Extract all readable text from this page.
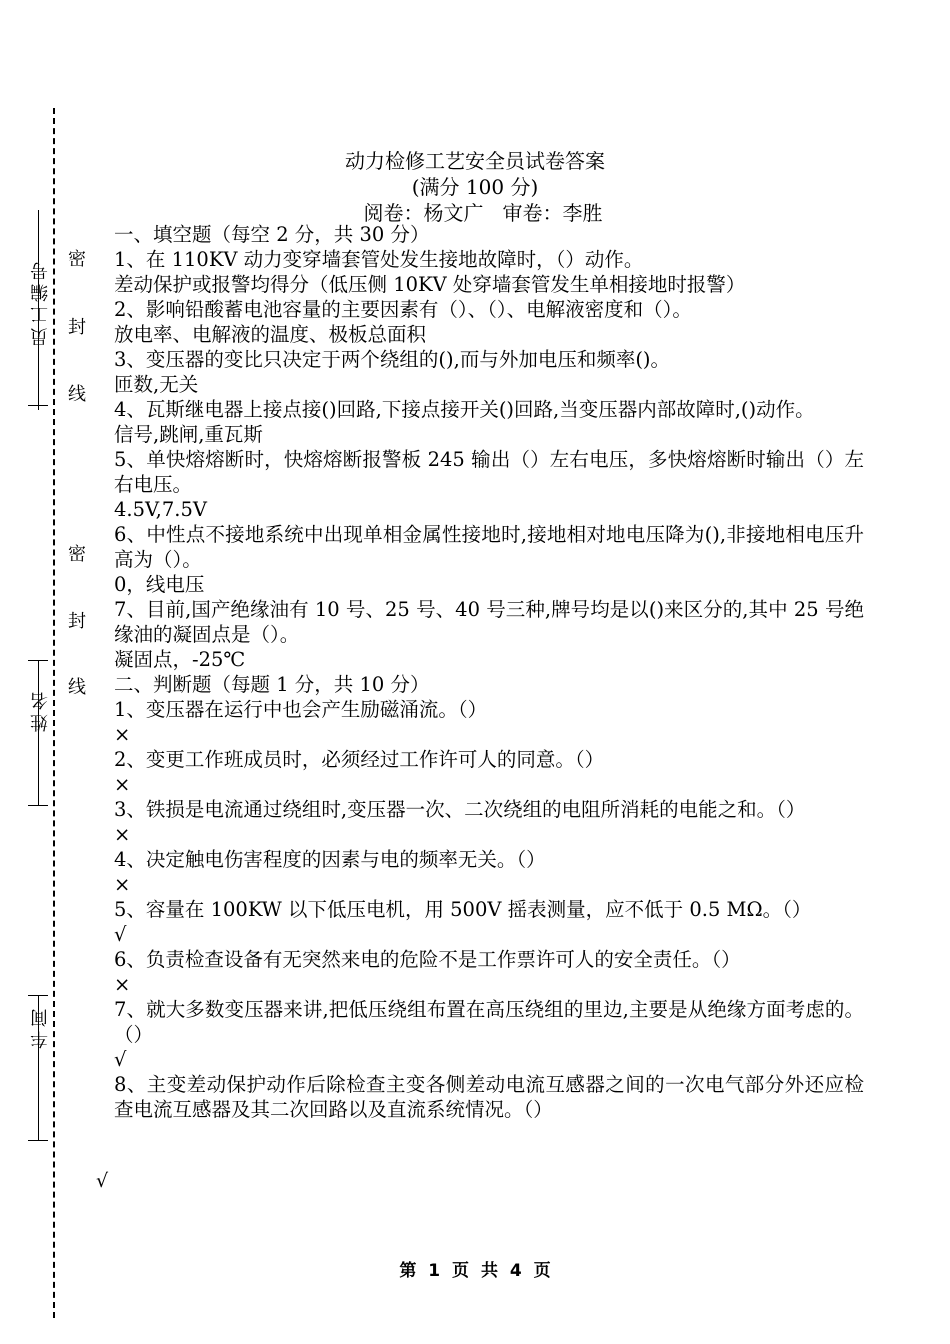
密
封
线
密
封
线
员工编号
姓名
车间
动力检修工艺安全员试卷答案
(满分 100 分)
阅卷：杨文广   审卷：李胜
一、填空题（每空 2 分，共 30 分）
1、在 110KV 动力变穿墙套管处发生接地故障时，（）动作。
差动保护或报警均得分（低压侧 10KV 处穿墙套管发生单相接地时报警）
2、影响铅酸蓄电池容量的主要因素有（）、（）、电解液密度和（）。
放电率、电解液的温度、极板总面积
3、变压器的变比只决定于两个绕组的(),而与外加电压和频率()。
匝数,无关
4、瓦斯继电器上接点接()回路,下接点接开关()回路,当变压器内部故障时,()动作。
信号,跳闸,重瓦斯
5、单快熔熔断时，快熔熔断报警板 245 输出（）左右电压，多快熔熔断时输出（）左右电压。
4.5V,7.5V
6、中性点不接地系统中出现单相金属性接地时,接地相对地电压降为(),非接地相电压升高为（）。
0，线电压
7、目前,国产绝缘油有 10 号、25 号、40 号三种,牌号均是以()来区分的,其中 25 号绝缘油的凝固点是（）。
凝固点，-25℃
二、判断题（每题 1 分，共 10 分）
1、变压器在运行中也会产生励磁涌流。（）
×
2、变更工作班成员时，必须经过工作许可人的同意。（）
×
3、铁损是电流通过绕组时,变压器一次、二次绕组的电阻所消耗的电能之和。（）
×
4、决定触电伤害程度的因素与电的频率无关。（）
×
5、容量在 100KW 以下低压电机，用 500V 摇表测量，应不低于 0.5 MΩ。（）
√
6、负责检查设备有无突然来电的危险不是工作票许可人的安全责任。（）
×
7、就大多数变压器来讲,把低压绕组布置在高压绕组的里边,主要是从绝缘方面考虑的。（）
√
8、主变差动保护动作后除检查主变各侧差动电流互感器之间的一次电气部分外还应检查电流互感器及其二次回路以及直流系统情况。（）
√
第 1 页 共 4 页
